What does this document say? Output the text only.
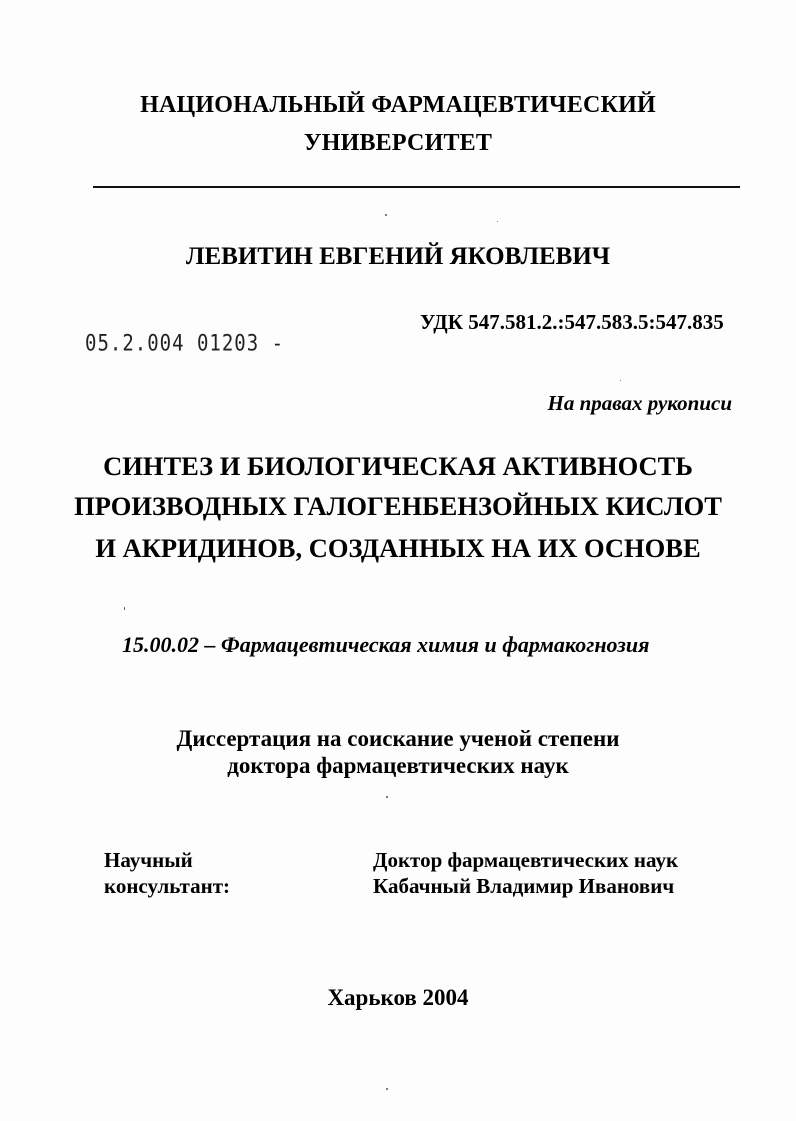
НАЦИОНАЛЬНЫЙ ФАРМАЦЕВТИЧЕСКИЙ
УНИВЕРСИТЕТ
ЛЕВИТИН ЕВГЕНИЙ ЯКОВЛЕВИЧ
УДК 547.581.2.:547.583.5:547.835
05.2.004 01203 -
На правах рукописи
СИНТЕЗ И БИОЛОГИЧЕСКАЯ АКТИВНОСТЬ
ПРОИЗВОДНЫХ ГАЛОГЕНБЕНЗОЙНЫХ КИСЛОТ
И АКРИДИНОВ, СОЗДАННЫХ НА ИХ ОСНОВЕ
15.00.02 – Фармацевтическая химия и фармакогнозия
Диссертация на соискание ученой степени
доктора фармацевтических наук
Научный
консультант:
Доктор фармацевтических наук
Кабачный Владимир Иванович
Харьков 2004
